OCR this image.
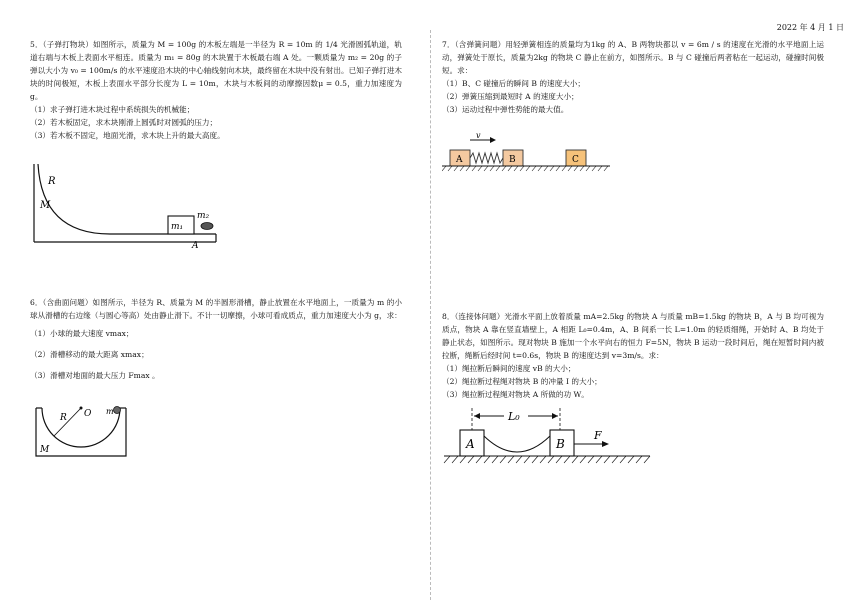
2022 年 4 月 1 日

5．（子弹打物块）如图所示，质量为 M = 100g 的木板左端是一半径为 R = 10m 的 1/4 光滑圆弧轨道，轨道右端与木板上表面水平相连。质量为 m₁ = 80g 的木块置于木板最右端 A 处。一颗质量为 m₂ = 20g 的子弹以大小为 v₀ = 100m/s 的水平速度沿木块的中心轴线射向木块，最终留在木块中没有射出。已知子弹打进木块的时间极短，木板上表面水平部分长度为 L = 10m，木块与木板间的动摩擦因数μ = 0.5，重力加速度为 g。

（1）求子弹打进木块过程中系统损失的机械能；

（2）若木板固定，求木块刚滑上圆弧时对圆弧的压力；

（3）若木板不固定，地面光滑，求木块上升的最大高度。

R
M
m₁
m₂
A

6．（含曲面问题）如图所示，半径为 R、质量为 M 的半圆形滑槽，静止放置在水平地面上，一质量为 m 的小球从滑槽的右边缘（与圆心等高）处由静止滑下。不计一切摩擦，小球可看成质点，重力加速度大小为 g，求：

（1）小球的最大速度 vmax；

（2）滑槽移动的最大距离 xmax；

（3）滑槽对地面的最大压力 Fmax 。

R O m
M

7．（含弹簧问题）用轻弹簧相连的质量均为1kg 的 A、B 两物块都以 v = 6m / s 的速度在光滑的水平地面上运动，弹簧处于原长，质量为2kg 的物块 C 静止在前方，如图所示。B 与 C 碰撞后两者粘在一起运动，碰撞时间极短。求：

（1）B、C 碰撞后的瞬间 B 的速度大小；

（2）弹簧压缩到最短时 A 的速度大小；

（3）运动过程中弹性势能的最大值。

v
A	B	C

8．（连接体问题）光滑水平面上放着质量 mA=2.5kg 的物块 A 与质量 mB=1.5kg 的物块 B，A 与 B 均可视为质点，物块 A 靠在竖直墙壁上，A 相距 L₀=0.4m，A、B 间系一长 L=1.0m 的轻质细绳，开始时 A、B 均处于静止状态，如图所示。现对物块 B 施加一个水平向右的恒力 F=5N，物块 B 运动一段时间后，绳在短暂时间内被拉断，绳断后经时间 t=0.6s，物块 B 的速度达到 v=3m/s。求：

（1）绳拉断后瞬间的速度 vB 的大小；

（2）绳拉断过程绳对物块 B 的冲量 I 的大小；

（3）绳拉断过程绳对物块 A 所做的功 W。

L₀
A	B
F
